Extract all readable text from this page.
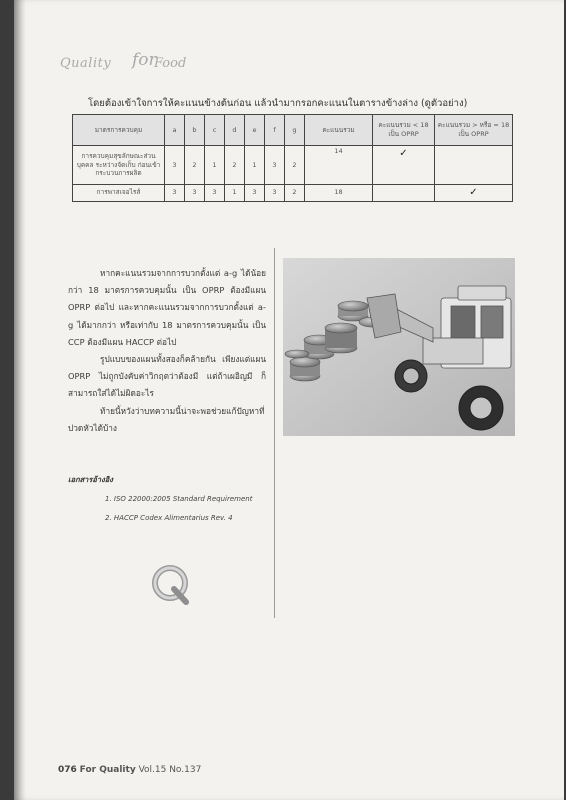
Quality for
Food
โดยต้องเข้าใจการให้คะแนนข้างต้นก่อน แล้วนำมากรอกคะแนนในตารางข้างล่าง (ดูตัวอย่าง)
มาตรการควบคุม	a	b	c	d	e	f	g	คะแนนรวม	คะแนนรวม < 18 เป็น OPRP	คะแนนรวม > หรือ = 18 เป็น OPRP
การควบคุมสุขลักษณะส่วนบุคคล ระหว่างจัดเก็บ ก่อนเข้ากระบวนการผลิต	3	2	1	2	1	3	2	14	✓	
การพาสเจอไรส์	3	3	3	1	3	3	2	18		✓

หากคะแนนรวมจากการบวกตั้งแต่ a-g ได้น้อยกว่า 18 มาตรการควบคุมนั้น เป็น OPRP ต้องมีแผน OPRP ต่อไป และหากคะแนนรวมจากการบวกตั้งแต่ a-g ได้มากกว่า หรือเท่ากับ 18 มาตรการควบคุมนั้น เป็น CCP ต้องมีแผน HACCP ต่อไป

รูปแบบของแผนทั้งสองก็คล้ายกัน เพียงแต่แผน OPRP ไม่ถูกบังคับค่าวิกฤตว่าต้องมี แต่ถ้าเผอิญมี ก็สามารถใส่ได้ไม่ผิดอะไร

ท้ายนี้หวังว่าบทความนี้น่าจะพอช่วยแก้ปัญหาที่ปวดหัวได้บ้าง

เอกสารอ้างอิง
1. ISO 22000:2005 Standard Requirement
2. HACCP Codex Alimentarius Rev. 4
076 For Quality Vol.15 No.137
